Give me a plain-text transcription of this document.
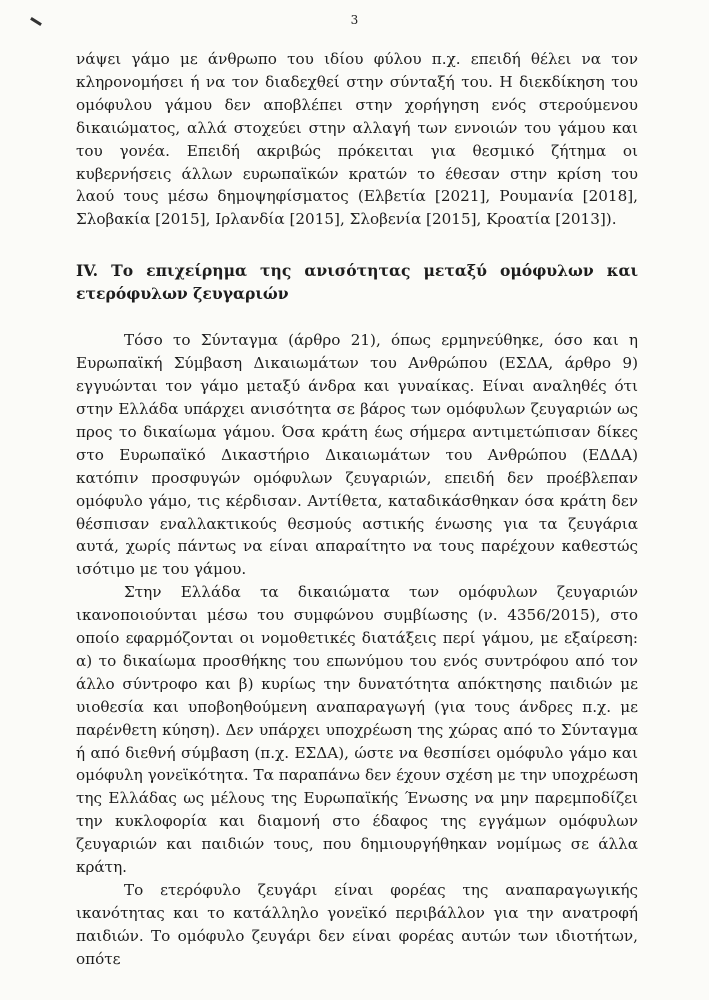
3

νάψει γάμο με άνθρωπο του ιδίου φύλου π.χ. επειδή θέλει να τον κληρονομήσει ή να τον διαδεχθεί στην σύνταξή του. Η διεκδίκηση του ομόφυλου γάμου δεν αποβλέπει στην χορήγηση ενός στερούμενου δικαιώματος, αλλά στοχεύει στην αλλαγή των εννοιών του γάμου και του γονέα. Επειδή ακριβώς πρόκειται για θεσμικό ζήτημα οι κυβερνήσεις άλλων ευρωπαϊκών κρατών το έθεσαν στην κρίση του λαού τους μέσω δημοψηφίσματος (Ελβετία [2021], Ρουμανία [2018], Σλοβακία [2015], Ιρλανδία [2015], Σλοβενία [2015], Κροατία [2013]).

IV. Το επιχείρημα της ανισότητας μεταξύ ομόφυλων και ετερόφυλων ζευγαριών

Τόσο το Σύνταγμα (άρθρο 21), όπως ερμηνεύθηκε, όσο και η Ευρωπαϊκή Σύμβαση Δικαιωμάτων του Ανθρώπου (ΕΣΔΑ, άρθρο 9) εγγυώνται τον γάμο μεταξύ άνδρα και γυναίκας. Είναι αναληθές ότι στην Ελλάδα υπάρχει ανισότητα σε βάρος των ομόφυλων ζευγαριών ως προς το δικαίωμα γάμου. Όσα κράτη έως σήμερα αντιμετώπισαν δίκες στο Ευρωπαϊκό Δικαστήριο Δικαιωμάτων του Ανθρώπου (ΕΔΔΑ) κατόπιν προσφυγών ομόφυλων ζευγαριών, επειδή δεν προέβλεπαν ομόφυλο γάμο, τις κέρδισαν. Αντίθετα, καταδικάσθηκαν όσα κράτη δεν θέσπισαν εναλλακτικούς θεσμούς αστικής ένωσης για τα ζευγάρια αυτά, χωρίς πάντως να είναι απαραίτητο να τους παρέχουν καθεστώς ισότιμο με του γάμου.

Στην Ελλάδα τα δικαιώματα των ομόφυλων ζευγαριών ικανοποιούνται μέσω του συμφώνου συμβίωσης (ν. 4356/2015), στο οποίο εφαρμόζονται οι νομοθετικές διατάξεις περί γάμου, με εξαίρεση: α) το δικαίωμα προσθήκης του επωνύμου του ενός συντρόφου από τον άλλο σύντροφο και β) κυρίως την δυνατότητα απόκτησης παιδιών με υιοθεσία και υποβοηθούμενη αναπαραγωγή (για τους άνδρες π.χ. με παρένθετη κύηση). Δεν υπάρχει υποχρέωση της χώρας από το Σύνταγμα ή από διεθνή σύμβαση (π.χ. ΕΣΔΑ), ώστε να θεσπίσει ομόφυλο γάμο και ομόφυλη γονεϊκότητα. Τα παραπάνω δεν έχουν σχέση με την υποχρέωση της Ελλάδας ως μέλους της Ευρωπαϊκής Ένωσης να μην παρεμποδίζει την κυκλοφορία και διαμονή στο έδαφος της εγγάμων ομόφυλων ζευγαριών και παιδιών τους, που δημιουργήθηκαν νομίμως σε άλλα κράτη.

Το ετερόφυλο ζευγάρι είναι φορέας της αναπαραγωγικής ικανότητας και το κατάλληλο γονεϊκό περιβάλλον για την ανατροφή παιδιών. Το ομόφυλο ζευγάρι δεν είναι φορέας αυτών των ιδιοτήτων, οπότε
